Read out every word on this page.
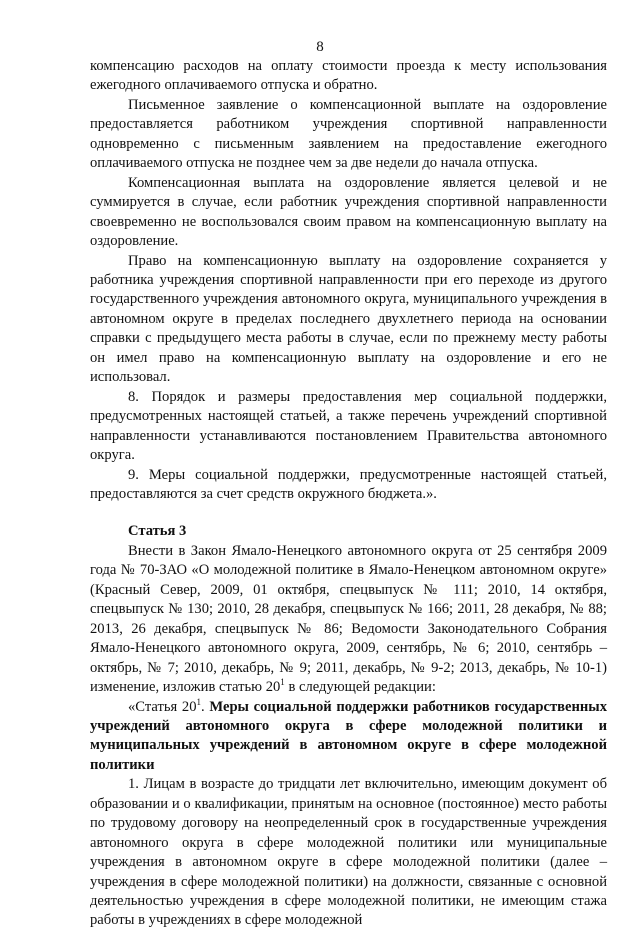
8

компенсацию расходов на оплату стоимости проезда к месту использования ежегодного оплачиваемого отпуска и обратно.

Письменное заявление о компенсационной выплате на оздоровление предоставляется работником учреждения спортивной направленности одновременно с письменным заявлением на предоставление ежегодного оплачиваемого отпуска не позднее чем за две недели до начала отпуска.

Компенсационная выплата на оздоровление является целевой и не суммируется в случае, если работник учреждения спортивной направленности своевременно не воспользовался своим правом на компенсационную выплату на оздоровление.

Право на компенсационную выплату на оздоровление сохраняется у работника учреждения спортивной направленности при его переходе из другого государственного учреждения автономного округа, муниципального учреждения в автономном округе в пределах последнего двухлетнего периода на основании справки с предыдущего места работы в случае, если по прежнему месту работы он имел право на компенсационную выплату на оздоровление и его не использовал.

8. Порядок и размеры предоставления мер социальной поддержки, предусмотренных настоящей статьей, а также перечень учреждений спортивной направленности устанавливаются постановлением Правительства автономного округа.

9. Меры социальной поддержки, предусмотренные настоящей статьей, предоставляются за счет средств окружного бюджета.».

Статья 3

Внести в Закон Ямало-Ненецкого автономного округа от 25 сентября 2009 года № 70-ЗАО «О молодежной политике в Ямало-Ненецком автономном округе» (Красный Север, 2009, 01 октября, спецвыпуск № 111; 2010, 14 октября, спецвыпуск № 130; 2010, 28 декабря, спецвыпуск № 166; 2011, 28 декабря, № 88; 2013, 26 декабря, спецвыпуск № 86; Ведомости Законодательного Собрания Ямало-Ненецкого автономного округа, 2009, сентябрь, № 6; 2010, сентябрь – октябрь, № 7; 2010, декабрь, № 9; 2011, декабрь, № 9-2; 2013, декабрь, № 10-1) изменение, изложив статью $20^1$ в следующей редакции:

«Статья $20^1$. Меры социальной поддержки работников государственных учреждений автономного округа в сфере молодежной политики и муниципальных учреждений в автономном округе в сфере молодежной политики

1. Лицам в возрасте до тридцати лет включительно, имеющим документ об образовании и о квалификации, принятым на основное (постоянное) место работы по трудовому договору на неопределенный срок в государственные учреждения автономного округа в сфере молодежной политики или муниципальные учреждения в автономном округе в сфере молодежной политики (далее – учреждения в сфере молодежной политики) на должности, связанные с основной деятельностью учреждения в сфере молодежной политики, не имеющим стажа работы в учреждениях в сфере молодежной
